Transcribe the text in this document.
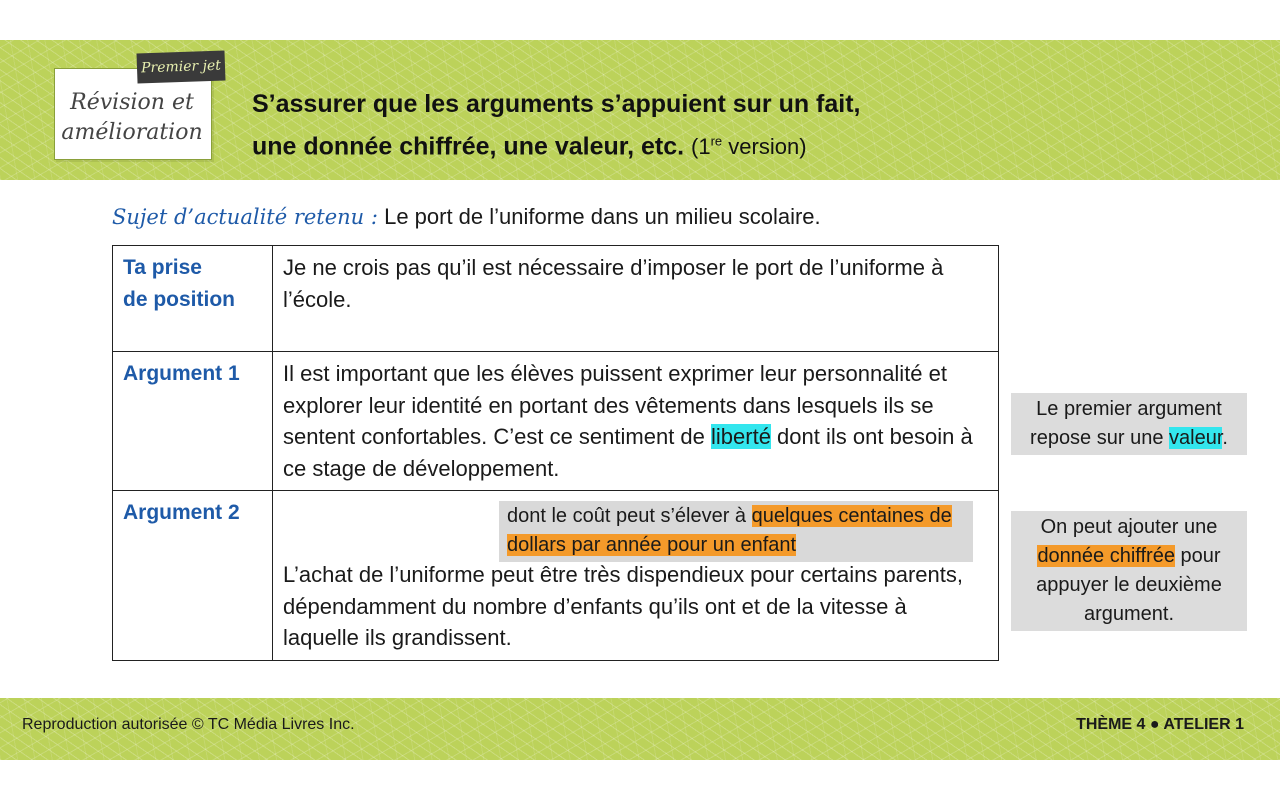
Révision et
amélioration
Premier jet
S’assurer que les arguments s’appuient sur un fait,
une donnée chiffrée, une valeur, etc. (1re version)
Sujet d’actualité retenu : Le port de l’uniforme dans un milieu scolaire.
Ta prise
de position	Je ne crois pas qu’il est nécessaire d’imposer le port de l’uniforme à l’école.
Argument 1	Il est important que les élèves puissent exprimer leur personnalité et explorer leur identité en portant des vêtements dans lesquels ils se sentent confortables. C’est ce sentiment de liberté dont ils ont besoin à ce stage de développement.
Argument 2	dont le coût peut s’élever à quelques centaines de dollars par année pour un enfant
L’achat de l’uniforme peut être très dispendieux pour certains parents, dépendamment du nombre d’enfants qu’ils ont et de la vitesse à laquelle ils grandissent.
Le premier argument repose sur une valeur.
On peut ajouter une donnée chiffrée pour appuyer le deuxième argument.
Reproduction autorisée © TC Média Livres Inc.	THÈME 4 ● ATELIER 1
